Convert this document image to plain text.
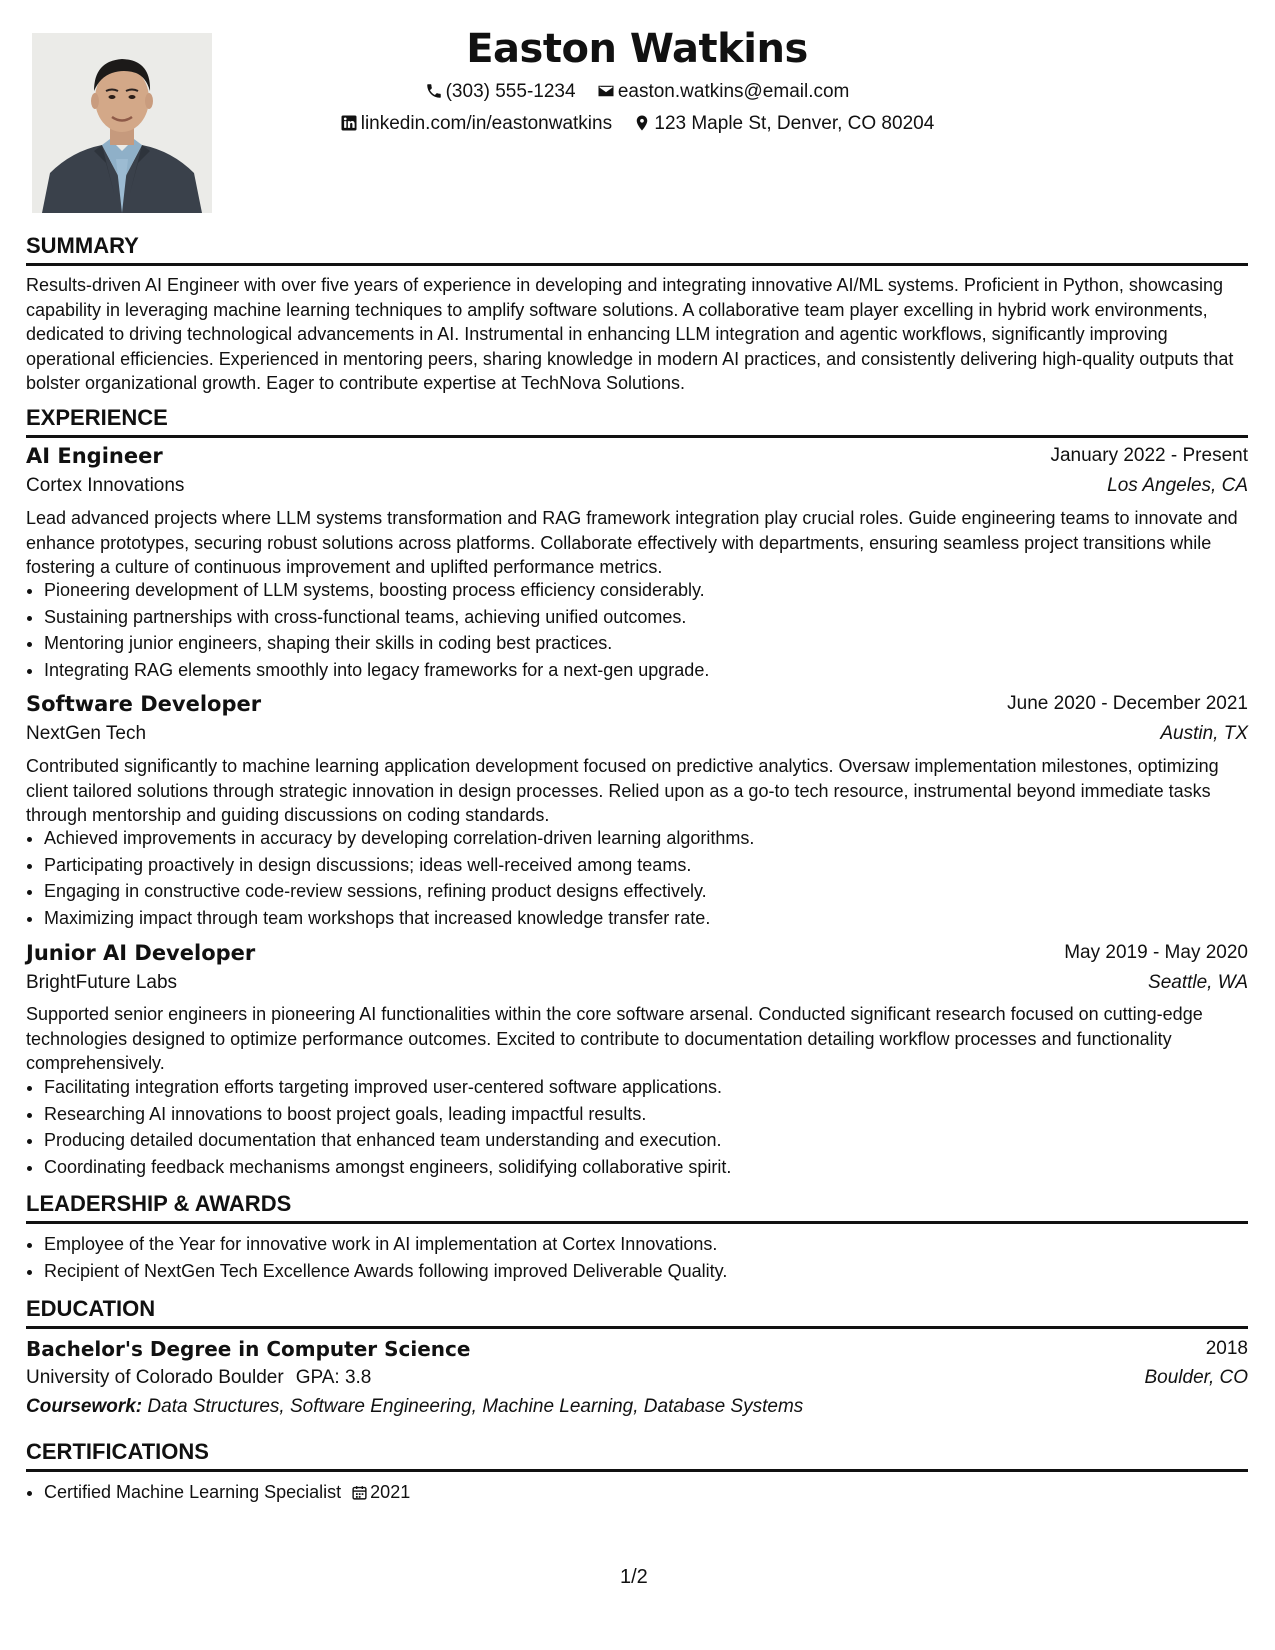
Easton Watkins
(303) 555-1234 easton.watkins@email.com
linkedin.com/in/eastonwatkins 123 Maple St, Denver, CO 80204
SUMMARY
Results-driven AI Engineer with over five years of experience in developing and integrating innovative AI/ML systems. Proficient in Python, showcasing capability in leveraging machine learning techniques to amplify software solutions. A collaborative team player excelling in hybrid work environments, dedicated to driving technological advancements in AI. Instrumental in enhancing LLM integration and agentic workflows, significantly improving operational efficiencies. Experienced in mentoring peers, sharing knowledge in modern AI practices, and consistently delivering high-quality outputs that bolster organizational growth. Eager to contribute expertise at TechNova Solutions.
EXPERIENCE
AI Engineer	January 2022 - Present
Cortex Innovations	Los Angeles, CA
Lead advanced projects where LLM systems transformation and RAG framework integration play crucial roles. Guide engineering teams to innovate and enhance prototypes, securing robust solutions across platforms. Collaborate effectively with departments, ensuring seamless project transitions while fostering a culture of continuous improvement and uplifted performance metrics.
• Pioneering development of LLM systems, boosting process efficiency considerably.
• Sustaining partnerships with cross-functional teams, achieving unified outcomes.
• Mentoring junior engineers, shaping their skills in coding best practices.
• Integrating RAG elements smoothly into legacy frameworks for a next-gen upgrade.
Software Developer	June 2020 - December 2021
NextGen Tech	Austin, TX
Contributed significantly to machine learning application development focused on predictive analytics. Oversaw implementation milestones, optimizing client tailored solutions through strategic innovation in design processes. Relied upon as a go-to tech resource, instrumental beyond immediate tasks through mentorship and guiding discussions on coding standards.
• Achieved improvements in accuracy by developing correlation-driven learning algorithms.
• Participating proactively in design discussions; ideas well-received among teams.
• Engaging in constructive code-review sessions, refining product designs effectively.
• Maximizing impact through team workshops that increased knowledge transfer rate.
Junior AI Developer	May 2019 - May 2020
BrightFuture Labs	Seattle, WA
Supported senior engineers in pioneering AI functionalities within the core software arsenal. Conducted significant research focused on cutting-edge technologies designed to optimize performance outcomes. Excited to contribute to documentation detailing workflow processes and functionality comprehensively.
• Facilitating integration efforts targeting improved user-centered software applications.
• Researching AI innovations to boost project goals, leading impactful results.
• Producing detailed documentation that enhanced team understanding and execution.
• Coordinating feedback mechanisms amongst engineers, solidifying collaborative spirit.
LEADERSHIP & AWARDS
• Employee of the Year for innovative work in AI implementation at Cortex Innovations.
• Recipient of NextGen Tech Excellence Awards following improved Deliverable Quality.
EDUCATION
Bachelor's Degree in Computer Science	2018
University of Colorado Boulder GPA: 3.8	Boulder, CO
Coursework: Data Structures, Software Engineering, Machine Learning, Database Systems
CERTIFICATIONS
• Certified Machine Learning Specialist 2021
1/2
